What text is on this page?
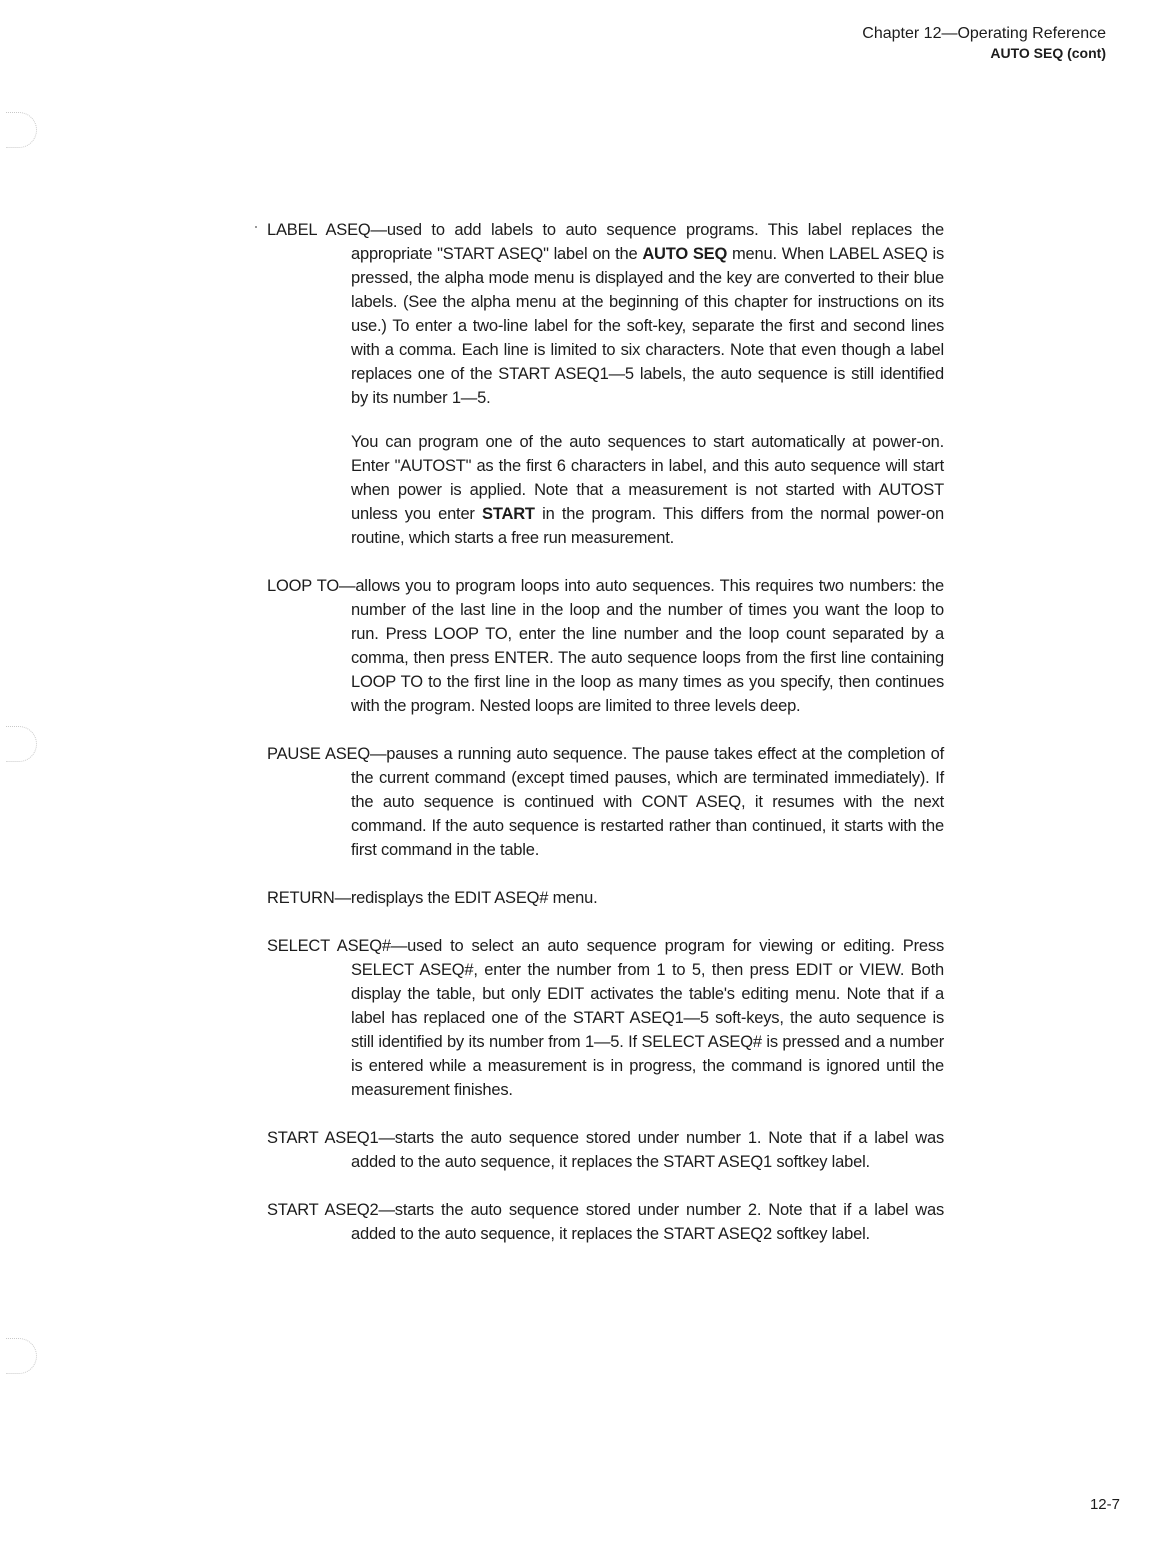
Chapter 12—Operating Reference
AUTO SEQ (cont)

LABEL ASEQ—used to add labels to auto sequence programs. This label replaces the appropriate "START ASEQ" label on the AUTO SEQ menu. When LABEL ASEQ is pressed, the alpha mode menu is displayed and the key are converted to their blue labels. (See the alpha menu at the beginning of this chapter for instructions on its use.) To enter a two-line label for the soft-key, separate the first and second lines with a comma. Each line is limited to six characters. Note that even though a label replaces one of the START ASEQ1—5 labels, the auto sequence is still identified by its number 1—5.

You can program one of the auto sequences to start automatically at power-on. Enter "AUTOST" as the first 6 characters in label, and this auto sequence will start when power is applied. Note that a measurement is not started with AUTOST unless you enter START in the program. This differs from the normal power-on routine, which starts a free run measurement.

LOOP TO—allows you to program loops into auto sequences. This requires two numbers: the number of the last line in the loop and the number of times you want the loop to run. Press LOOP TO, enter the line number and the loop count separated by a comma, then press ENTER. The auto sequence loops from the first line containing LOOP TO to the first line in the loop as many times as you specify, then continues with the program. Nested loops are limited to three levels deep.

PAUSE ASEQ—pauses a running auto sequence. The pause takes effect at the completion of the current command (except timed pauses, which are terminated immediately). If the auto sequence is continued with CONT ASEQ, it resumes with the next command. If the auto sequence is restarted rather than continued, it starts with the first command in the table.

RETURN—redisplays the EDIT ASEQ# menu.

SELECT ASEQ#—used to select an auto sequence program for viewing or editing. Press SELECT ASEQ#, enter the number from 1 to 5, then press EDIT or VIEW. Both display the table, but only EDIT activates the table's editing menu. Note that if a label has replaced one of the START ASEQ1—5 soft-keys, the auto sequence is still identified by its number from 1—5. If SELECT ASEQ# is pressed and a number is entered while a measurement is in progress, the command is ignored until the measurement finishes.

START ASEQ1—starts the auto sequence stored under number 1. Note that if a label was added to the auto sequence, it replaces the START ASEQ1 softkey label.

START ASEQ2—starts the auto sequence stored under number 2. Note that if a label was added to the auto sequence, it replaces the START ASEQ2 softkey label.

12-7
